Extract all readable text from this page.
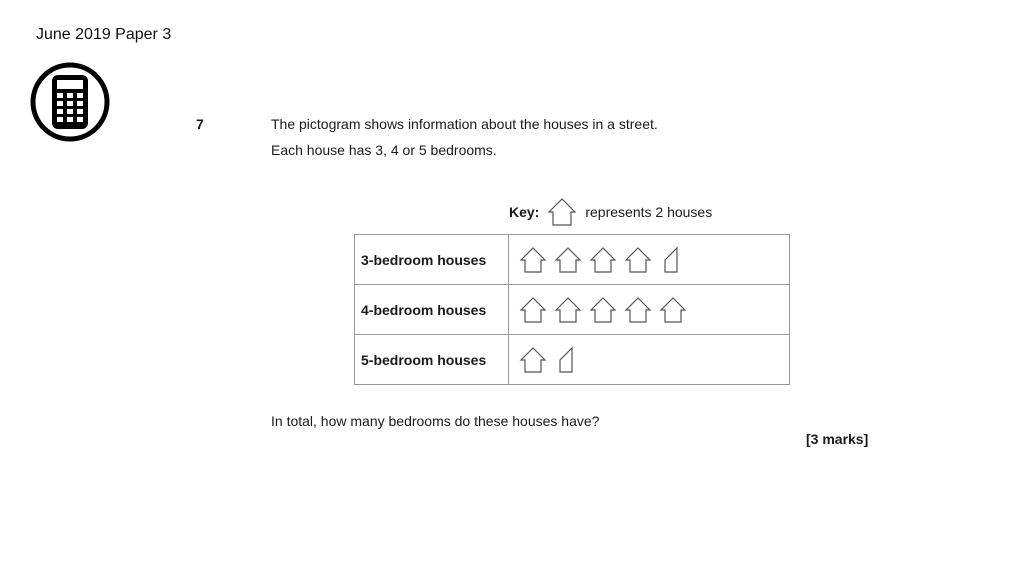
June 2019 Paper 3
7	The pictogram shows information about the houses in a street.
Each house has 3, 4 or 5 bedrooms.
Key:	represents 2 houses
3-bedroom houses	

4-bedroom houses	

5-bedroom houses	
In total, how many bedrooms do these houses have?
[3 marks]
